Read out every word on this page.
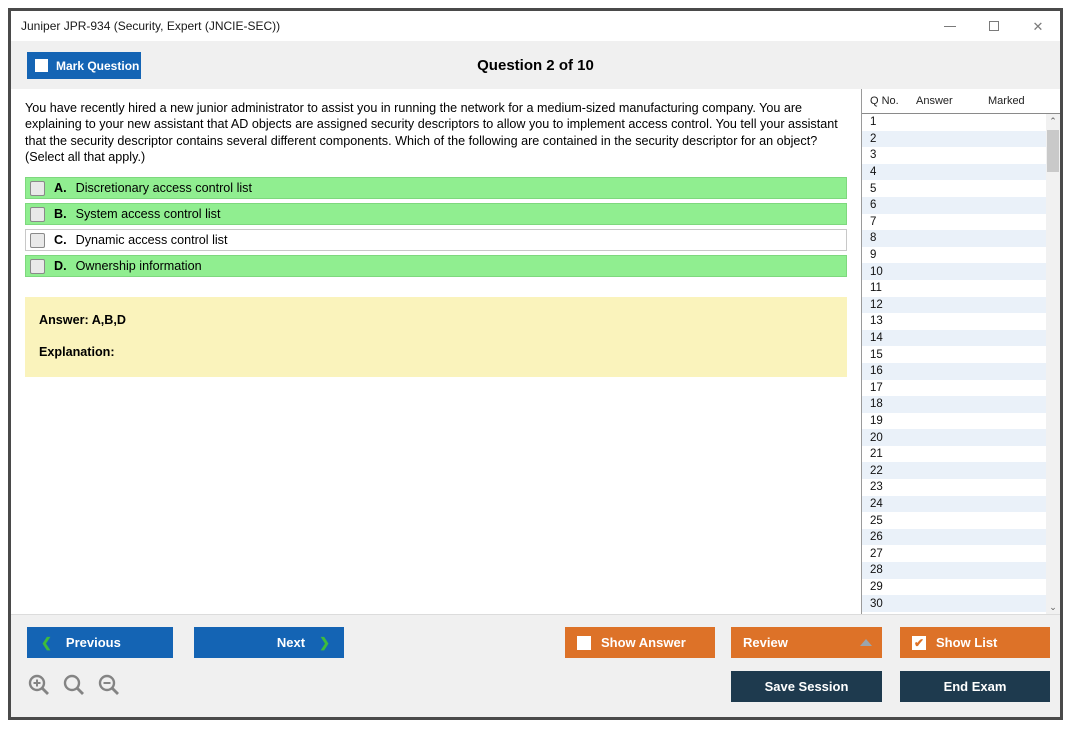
Juniper JPR-934 (Security, Expert (JNCIE-SEC))	✕
Mark Question	Question 2 of 10
You have recently hired a new junior administrator to assist you in running the network for a medium-sized manufacturing company. You are explaining to your new assistant that AD objects are assigned security descriptors to allow you to implement access control. You tell your assistant that the security descriptor contains several different components. Which of the following are contained in the security descriptor for an object? (Select all that apply.)
A. Discretionary access control list
B. System access control list
C. Dynamic access control list
D. Ownership information
Answer: A,B,D
Explanation:
Q No.	Answer	Marked
1
2
3
4
5
6
7
8
9
10
11
12
13
14
15
16
17
18
19
20
21
22
23
24
25
26
27
28
29
30
⌃
⌄
❮ Previous	Next ❯	Show Answer	Review	✔ Show List
Save Session	End Exam
